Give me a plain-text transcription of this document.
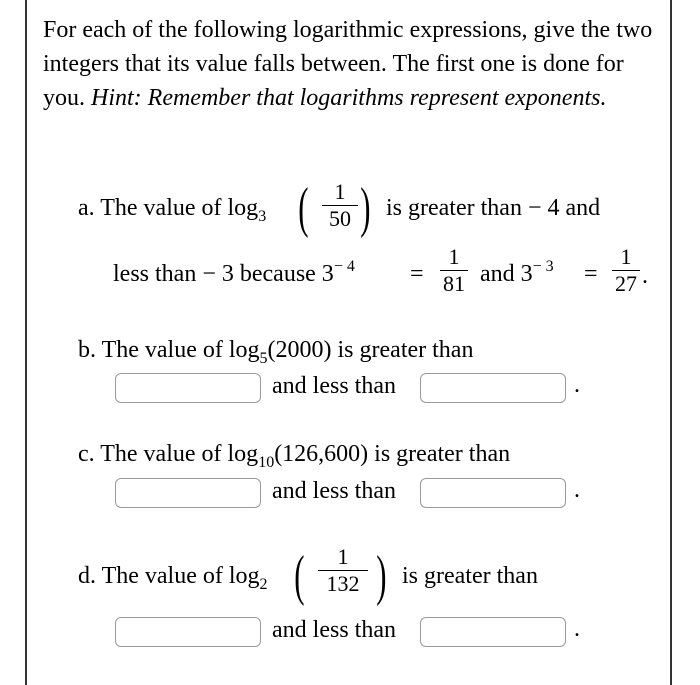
For each of the following logarithmic expressions, give the two integers that its value falls between. The first one is done for you. Hint: Remember that logarithms represent exponents.
a. The value of $\log_3$ (	1
50 ) is greater than − 4 and
less than − 3 because $3^{- 4}$ =
1
81 and $3^{- 3}$ =
1
27 .
b. The value of $\log_5(2000)$ is greater than
and less than	.
c. The value of $\log_{10}(126,600)$ is greater than
and less than	.
d. The value of $\log_2$ (	1
132 ) is greater than
and less than	.
